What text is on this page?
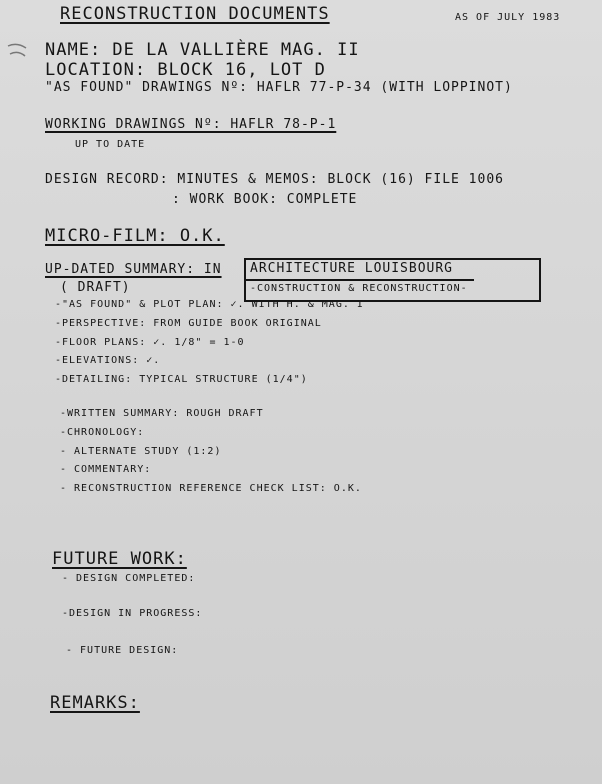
RECONSTRUCTION DOCUMENTS	AS OF JULY 1983
NAME: DE LA VALLIÈRE MAG. II
LOCATION: BLOCK 16, LOT D
"AS FOUND" DRAWINGS Nº: HAFLR 77-P-34 (WITH LOPPINOT)
WORKING DRAWINGS Nº: HAFLR 78-P-1
UP TO DATE
DESIGN RECORD: MINUTES & MEMOS: BLOCK (16) FILE 1006
: WORK BOOK: COMPLETE
MICRO-FILM: O.K.
UP-DATED SUMMARY: IN
( DRAFT)
ARCHITECTURE LOUISBOURG
-CONSTRUCTION & RECONSTRUCTION-
-"AS FOUND" & PLOT PLAN: ✓. WITH H. & MAG. I
-PERSPECTIVE: FROM GUIDE BOOK ORIGINAL
-FLOOR PLANS: ✓. 1/8" = 1-0
-ELEVATIONS: ✓.
-DETAILING: TYPICAL STRUCTURE (1/4")
-WRITTEN SUMMARY: ROUGH DRAFT
-CHRONOLOGY:
- ALTERNATE STUDY (1:2)
- COMMENTARY:
- RECONSTRUCTION REFERENCE CHECK LIST: O.K.
FUTURE WORK:
- DESIGN COMPLETED:
-DESIGN IN PROGRESS:
- FUTURE DESIGN:
REMARKS:
